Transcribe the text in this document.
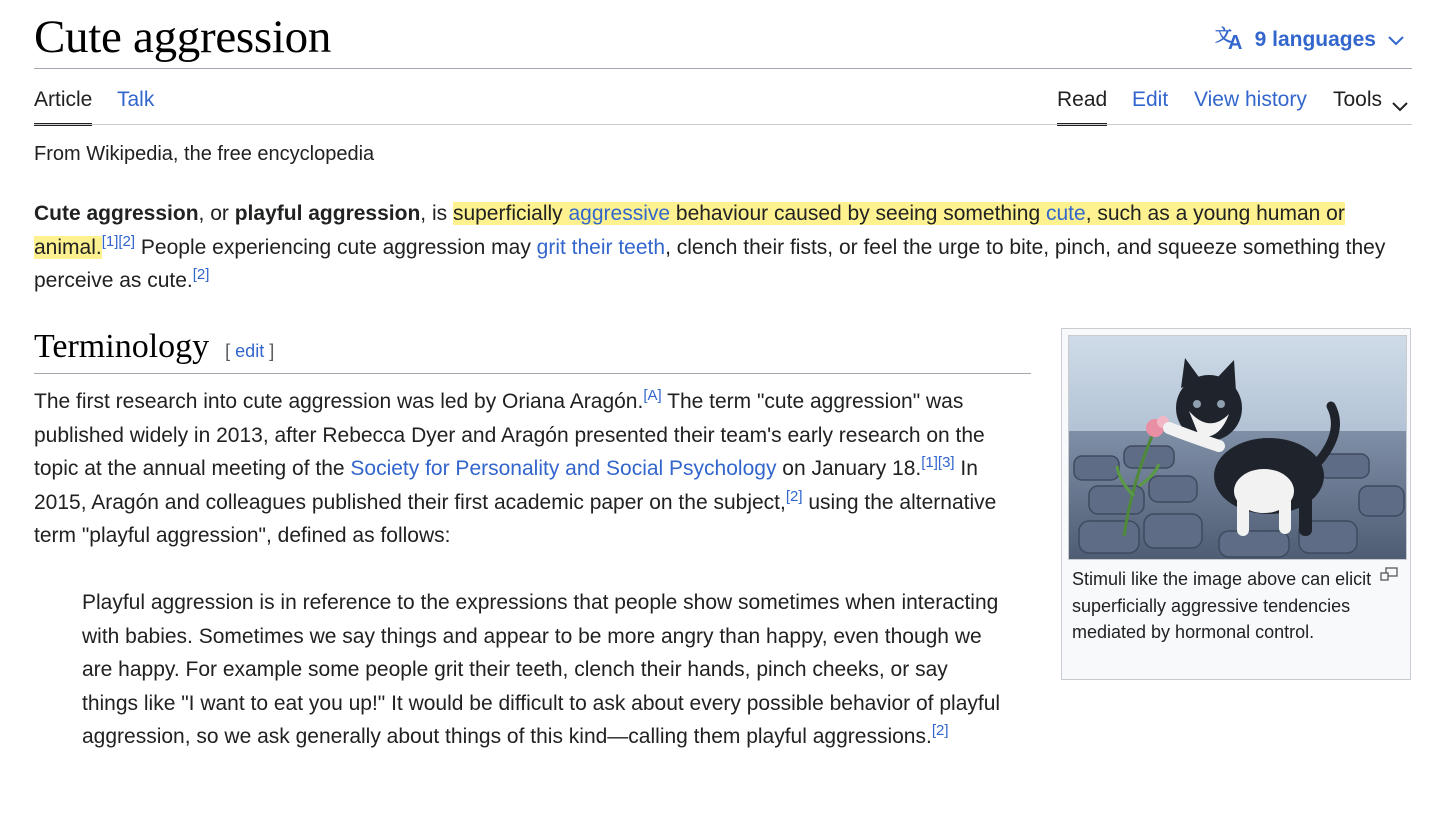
Cute aggression	文
A 9 languages
Article Talk	Read Edit View history Tools
From Wikipedia, the free encyclopedia

Cute aggression, or playful aggression, is superficially aggressive behaviour caused by seeing something cute, such as a young human or animal.[1][2] People experiencing cute aggression may grit their teeth, clench their fists, or feel the urge to bite, pinch, and squeeze something they perceive as cute.[2]

Terminology [ edit ]

The first research into cute aggression was led by Oriana Aragón.[A] The term "cute aggression" was published widely in 2013, after Rebecca Dyer and Aragón presented their team's early research on the topic at the annual meeting of the Society for Personality and Social Psychology on January 18.[1][3] In 2015, Aragón and colleagues published their first academic paper on the subject,[2] using the alternative term "playful aggression", defined as follows:

Playful aggression is in reference to the expressions that people show sometimes when interacting with babies. Sometimes we say things and appear to be more angry than happy, even though we are happy. For example some people grit their teeth, clench their hands, pinch cheeks, or say things like "I want to eat you up!" It would be difficult to ask about every possible behavior of playful aggression, so we ask generally about things of this kind—calling them playful aggressions.[2]

Stimuli like the image above can elicit superficially aggressive tendencies mediated by hormonal control.
